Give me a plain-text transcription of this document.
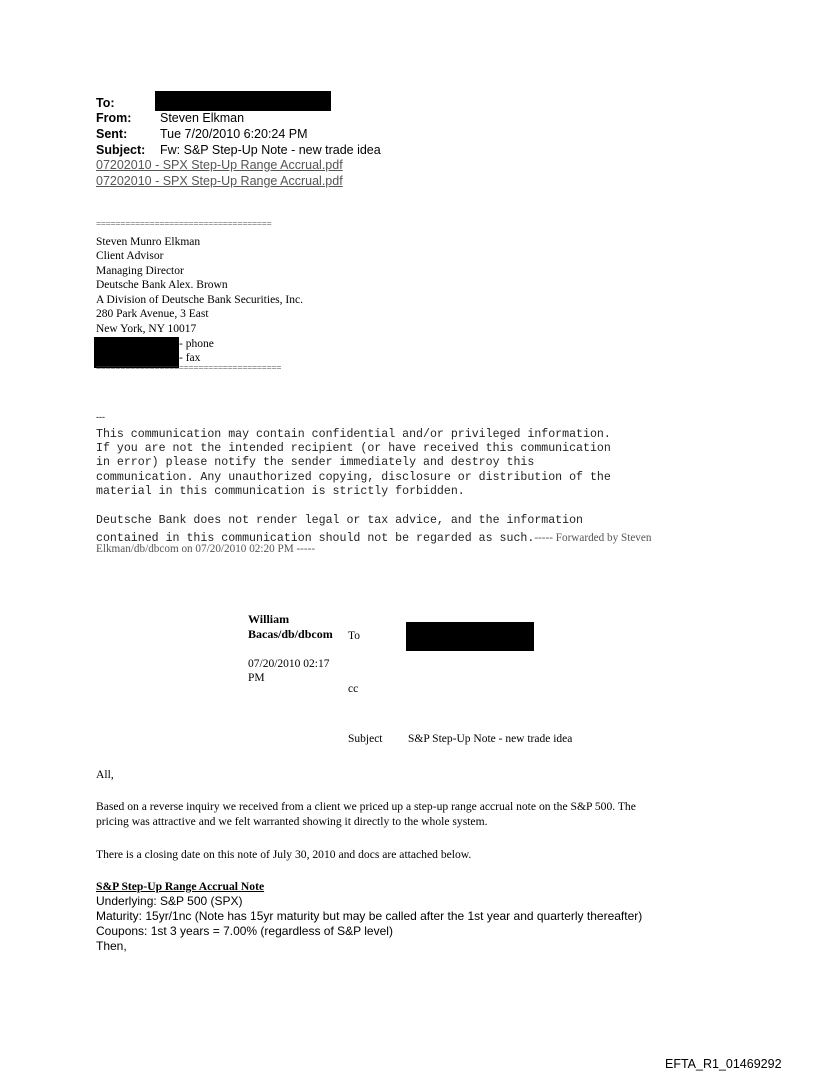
To:
From: Steven Elkman
Sent:	Tue 7/20/2010 6:20:24 PM
Subject: Fw: S&P Step-Up Note - new trade idea
07202010 - SPX Step-Up Range Accrual.pdf
07202010 - SPX Step-Up Range Accrual.pdf
====================================
Steven Munro Elkman
Client Advisor
Managing Director
Deutsche Bank Alex. Brown
A Division of Deutsche Bank Securities, Inc.
280 Park Avenue, 3 East
New York, NY 10017
- phone
- fax
======================================
---
This communication may contain confidential and/or privileged information.
If you are not the intended recipient (or have received this communication
in error) please notify the sender immediately and destroy this
communication. Any unauthorized copying, disclosure or distribution of the
material in this communication is strictly forbidden.
Deutsche Bank does not render legal or tax advice, and the information
contained in this communication should not be regarded as such.----- Forwarded by Steven
Elkman/db/dbcom on 07/20/2010 02:20 PM -----
William
Bacas/db/dbcom To
07/20/2010 02:17
PM
cc
Subject S&P Step-Up Note - new trade idea
All,
Based on a reverse inquiry we received from a client we priced up a step-up range accrual note on the S&P 500. The
pricing was attractive and we felt warranted showing it directly to the whole system.
There is a closing date on this note of July 30, 2010 and docs are attached below.
S&P Step-Up Range Accrual Note
Underlying: S&P 500 (SPX)
Maturity: 15yr/1nc (Note has 15yr maturity but may be called after the 1st year and quarterly thereafter)
Coupons: 1st 3 years = 7.00% (regardless of S&P level)
Then,
EFTA_R1_01469292
